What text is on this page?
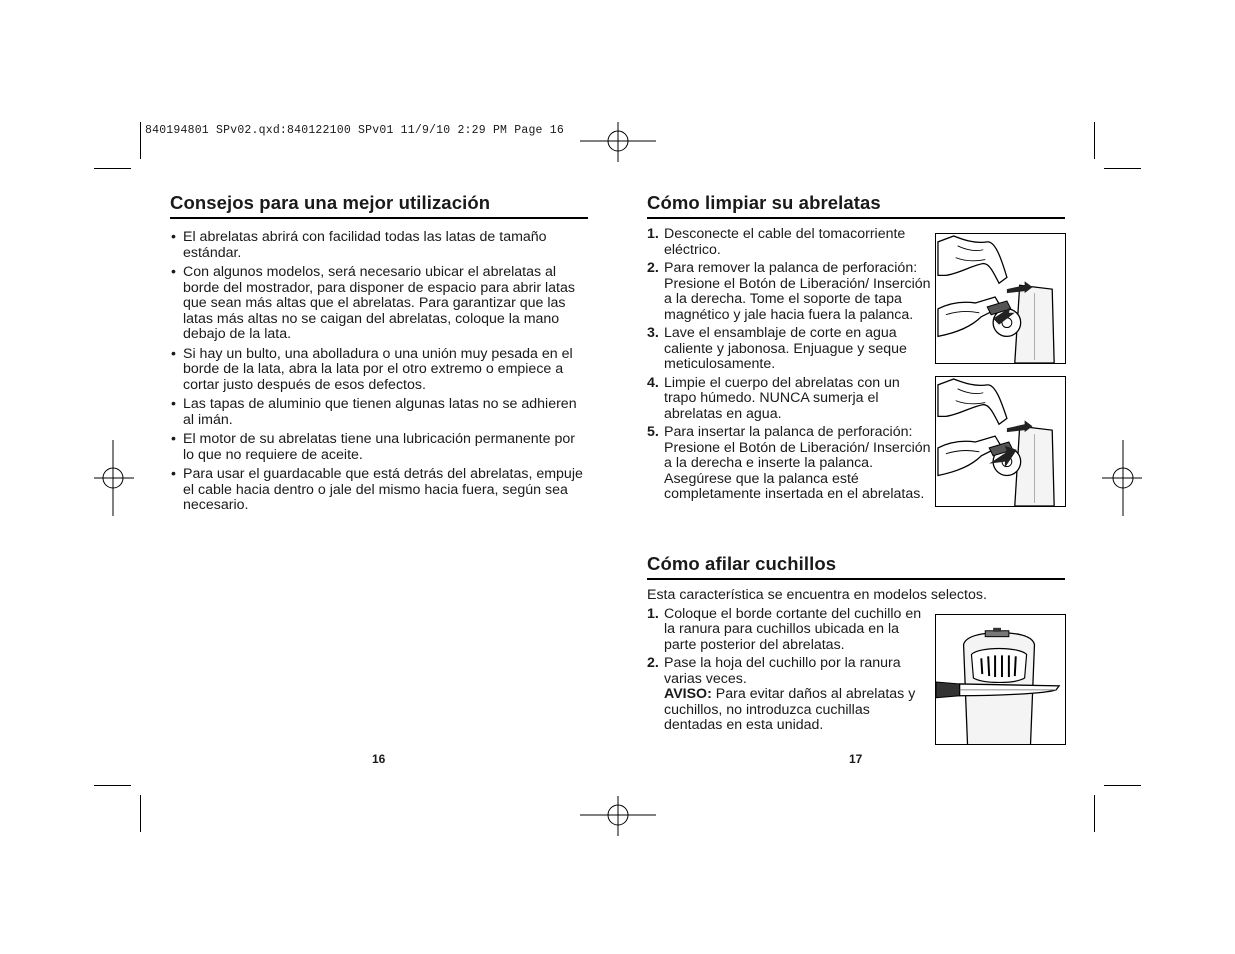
840194801 SPv02.qxd:840122100 SPv01 11/9/10 2:29 PM Page 16
Consejos para una mejor utilización
• El abrelatas abrirá con facilidad todas las latas de tamaño estándar.
• Con algunos modelos, será necesario ubicar el abrelatas al borde del mostrador, para disponer de espacio para abrir latas que sean más altas que el abrelatas. Para garantizar que las latas más altas no se caigan del abrelatas, coloque la mano debajo de la lata.
• Si hay un bulto, una abolladura o una unión muy pesada en el borde de la lata, abra la lata por el otro extremo o empiece a cortar justo después de esos defectos.
• Las tapas de aluminio que tienen algunas latas no se adhieren al imán.
• El motor de su abrelatas tiene una lubricación permanente por lo que no requiere de aceite.
• Para usar el guardacable que está detrás del abrelatas, empuje el cable hacia dentro o jale del mismo hacia fuera, según sea necesario.
Cómo limpiar su abrelatas
1. Desconecte el cable del tomacorriente eléctrico.
2. Para remover la palanca de perforación: Presione el Botón de Liberación/ Inserción a la derecha. Tome el soporte de tapa magnético y jale hacia fuera la palanca.
3. Lave el ensamblaje de corte en agua caliente y jabonosa. Enjuague y seque meticulosamente.
4. Limpie el cuerpo del abrelatas con un trapo húmedo. NUNCA sumerja el abrelatas en agua.
5. Para insertar la palanca de perforación: Presione el Botón de Liberación/ Inserción a la derecha e inserte la palanca. Asegúrese que la palanca esté completamente insertada en el abrelatas.
Cómo afilar cuchillos

Esta característica se encuentra en modelos selectos.

1. Coloque el borde cortante del cuchillo en la ranura para cuchillos ubicada en la parte posterior del abrelatas.
2. Pase la hoja del cuchillo por la ranura varias veces.
AVISO: Para evitar daños al abrelatas y cuchillos, no introduzca cuchillas dentadas en esta unidad.
16	17
